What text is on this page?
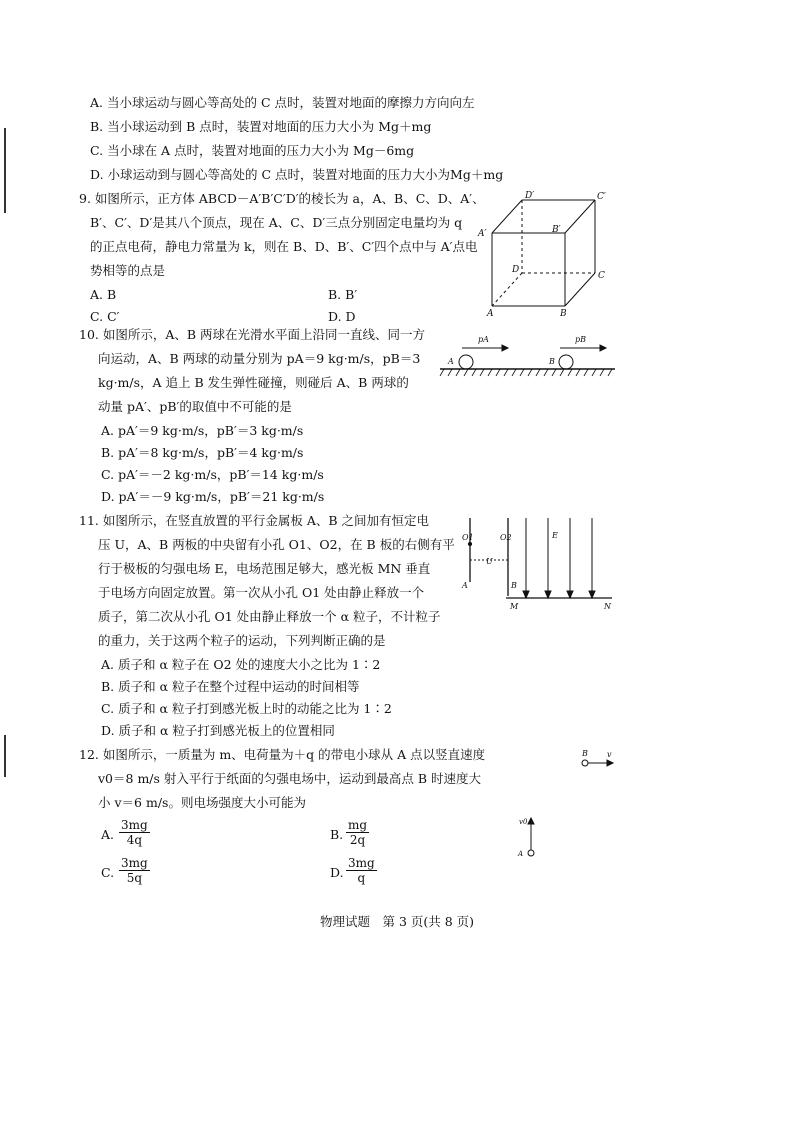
A. 当小球运动与圆心等高处的 C 点时，装置对地面的摩擦力方向向左
B. 当小球运动到 B 点时，装置对地面的压力大小为 Mg＋mg
C. 当小球在 A 点时，装置对地面的压力大小为 Mg－6mg
D. 小球运动到与圆心等高处的 C 点时，装置对地面的压力大小为Mg＋mg
9. 如图所示，正方体 ABCD－A′B′C′D′的棱长为 a，A、B、C、D、A′、
B′、C′、D′是其八个顶点，现在 A、C、D′三点分别固定电量均为 q
的正点电荷，静电力常量为 k，则在 B、D、B′、C′四个点中与 A′点电
势相等的点是
A. B	B. B′
C. C′	D. D
D′	C′
A′	B′
D
C
A	B
10. 如图所示，A、B 两球在光滑水平面上沿同一直线、同一方
向运动，A、B 两球的动量分别为 pA＝9 kg·m/s，pB＝3
kg·m/s，A 追上 B 发生弹性碰撞，则碰后 A、B 两球的
动量 pA′、pB′的取值中不可能的是
A. pA′＝9 kg·m/s，pB′＝3 kg·m/s
B. pA′＝8 kg·m/s，pB′＝4 kg·m/s
C. pA′＝－2 kg·m/s，pB′＝14 kg·m/s
D. pA′＝－9 kg·m/s，pB′＝21 kg·m/s
pA	pB
A	B
11. 如图所示，在竖直放置的平行金属板 A、B 之间加有恒定电
压 U，A、B 两板的中央留有小孔 O1、O2，在 B 板的右侧有平
行于极板的匀强电场 E，电场范围足够大，感光板 MN 垂直
于电场方向固定放置。第一次从小孔 O1 处由静止释放一个
质子，第二次从小孔 O1 处由静止释放一个 α 粒子，不计粒子
的重力，关于这两个粒子的运动，下列判断正确的是
A. 质子和 α 粒子在 O2 处的速度大小之比为 1∶2
B. 质子和 α 粒子在整个过程中运动的时间相等
C. 质子和 α 粒子打到感光板上时的动能之比为 1∶2
D. 质子和 α 粒子打到感光板上的位置相同
O1	O2
U
A	B
E
M	N
12. 如图所示，一质量为 m、电荷量为＋q 的带电小球从 A 点以竖直速度
v0＝8 m/s 射入平行于纸面的匀强电场中，运动到最高点 B 时速度大
小 v＝6 m/s。则电场强度大小可能为
A. $\frac{3mg}{4q}$	B. $\frac{mg}{2q}$
C. $\frac{3mg}{5q}$	D. $\frac{3mg}{q}$
B v
v0
A
物理试题　第 3 页(共 8 页)
